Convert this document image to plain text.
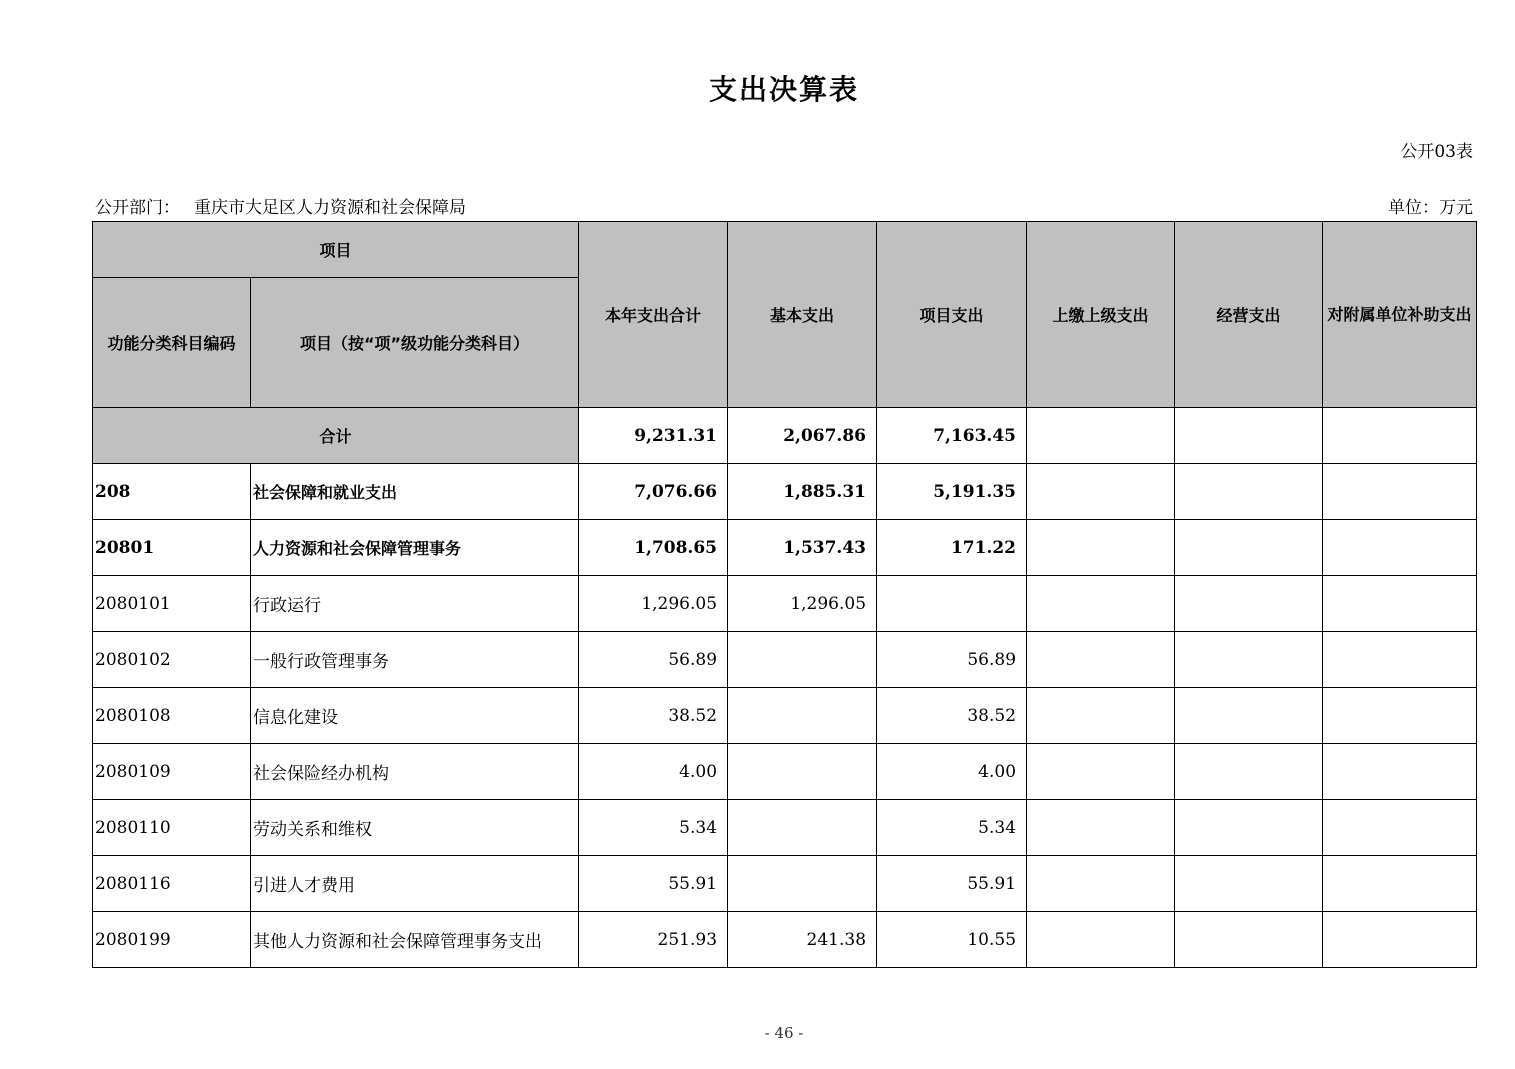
支出决算表
公开03表
公开部门： 重庆市大足区人力资源和社会保障局	单位：万元
项目		本年支出合计	基本支出	项目支出	上缴上级支出	经营支出	对附属单位补助支出

功能分类科目编码	项目（按“项”级功能分类科目）						
合计		9,231.31	2,067.86	7,163.45			
208	社会保障和就业支出	7,076.66	1,885.31	5,191.35			
20801	人力资源和社会保障管理事务	1,708.65	1,537.43	171.22			
2080101	行政运行	1,296.05	1,296.05				
2080102	一般行政管理事务	56.89		56.89			
2080108	信息化建设	38.52		38.52			
2080109	社会保险经办机构	4.00		4.00			
2080110	劳动关系和维权	5.34		5.34			
2080116	引进人才费用	55.91		55.91			
2080199	其他人力资源和社会保障管理事务支出	251.93	241.38	10.55			
- 46 -
